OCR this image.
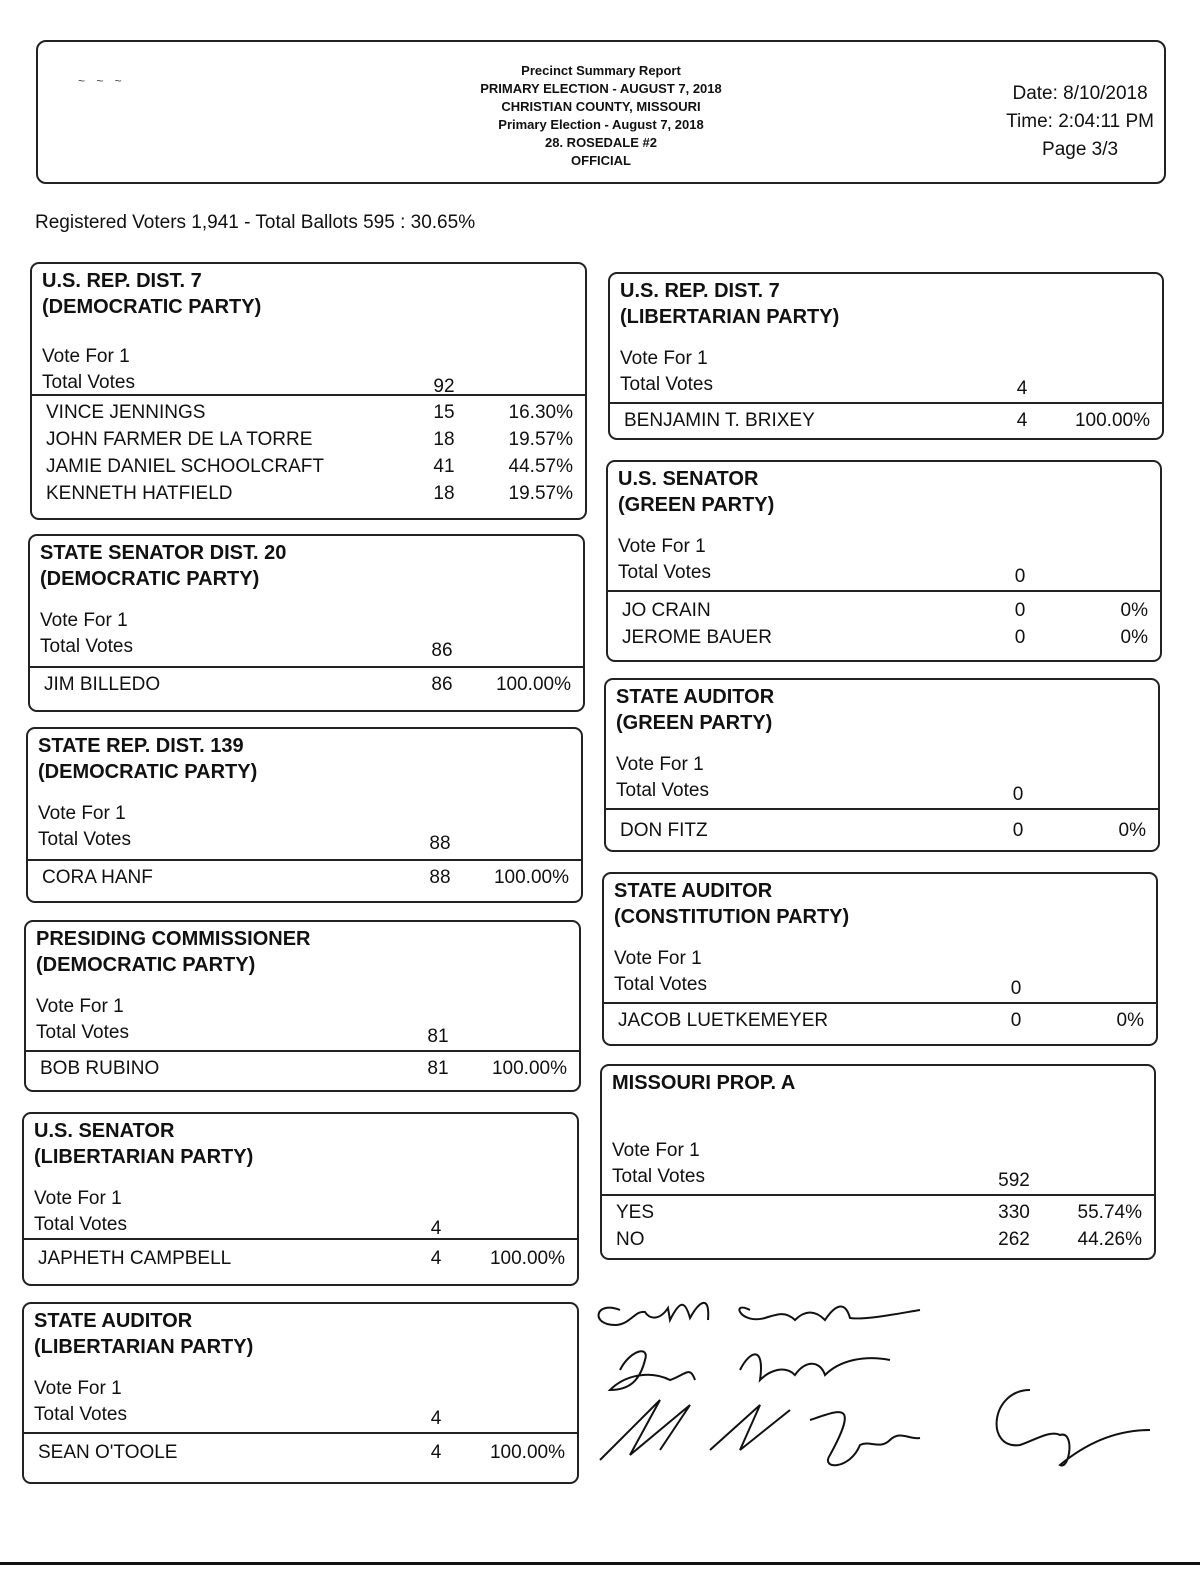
~ ~ ~
Precinct Summary Report
PRIMARY ELECTION - AUGUST 7, 2018
CHRISTIAN COUNTY, MISSOURI
Primary Election - August 7, 2018
28. ROSEDALE #2
OFFICIAL
Date: 8/10/2018
Time: 2:04:11 PM
Page 3/3
Registered Voters 1,941 - Total Ballots 595 : 30.65%
U.S. REP. DIST. 7
(DEMOCRATIC PARTY)
Vote For 1
Total Votes	92
VINCE JENNINGS	15	16.30%
JOHN FARMER DE LA TORRE	18	19.57%
JAMIE DANIEL SCHOOLCRAFT	41	44.57%
KENNETH HATFIELD	18	19.57%
STATE SENATOR DIST. 20
(DEMOCRATIC PARTY)
Vote For 1
Total Votes	86
JIM BILLEDO	86	100.00%
STATE REP. DIST. 139
(DEMOCRATIC PARTY)
Vote For 1
Total Votes	88
CORA HANF	88	100.00%
PRESIDING COMMISSIONER
(DEMOCRATIC PARTY)
Vote For 1
Total Votes	81
BOB RUBINO	81	100.00%
U.S. SENATOR
(LIBERTARIAN PARTY)
Vote For 1
Total Votes	4
JAPHETH CAMPBELL	4	100.00%
STATE AUDITOR
(LIBERTARIAN PARTY)
Vote For 1
Total Votes	4
SEAN O'TOOLE	4	100.00%
U.S. REP. DIST. 7
(LIBERTARIAN PARTY)
Vote For 1
Total Votes	4
BENJAMIN T. BRIXEY	4	100.00%
U.S. SENATOR
(GREEN PARTY)
Vote For 1
Total Votes	0
JO CRAIN	0	0%
JEROME BAUER	0	0%
STATE AUDITOR
(GREEN PARTY)
Vote For 1
Total Votes	0
DON FITZ	0	0%
STATE AUDITOR
(CONSTITUTION PARTY)
Vote For 1
Total Votes	0
JACOB LUETKEMEYER	0	0%
MISSOURI PROP. A
Vote For 1
Total Votes	592
YES	330	55.74%
NO	262	44.26%
